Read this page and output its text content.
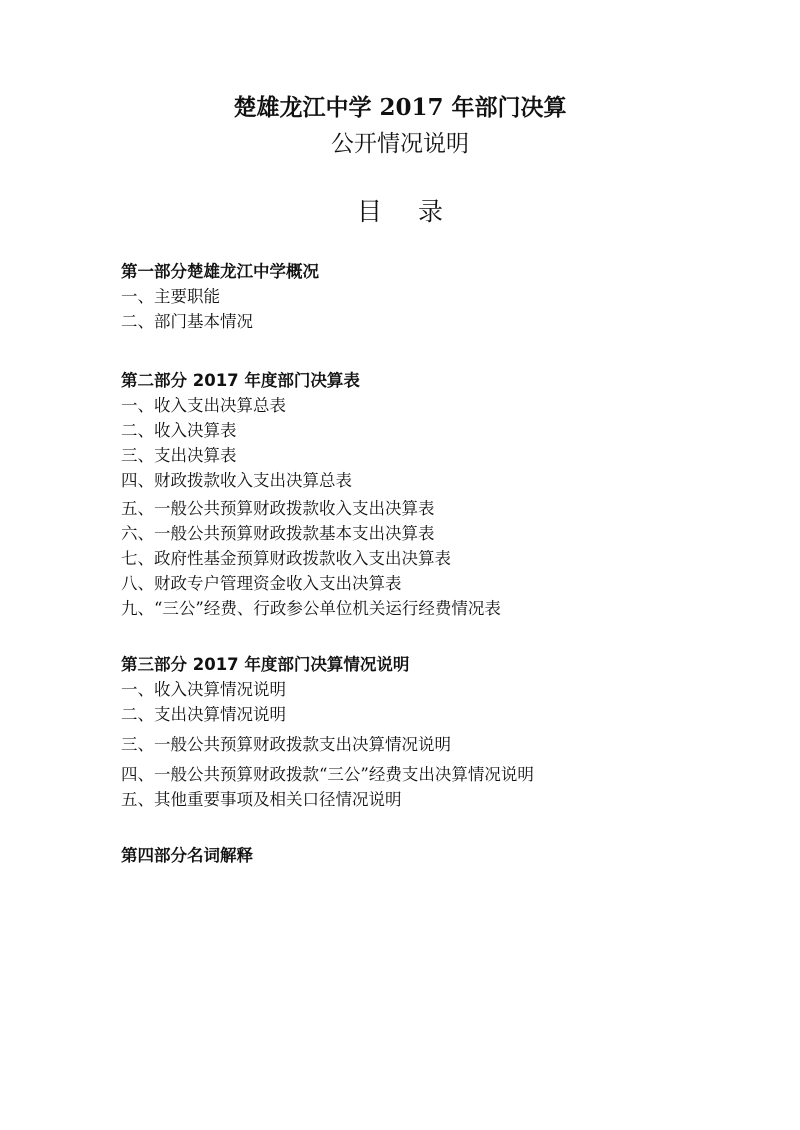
楚雄龙江中学 2017 年部门决算
公开情况说明
目 录
第一部分楚雄龙江中学概况
一、主要职能
二、部门基本情况
第二部分 2017 年度部门决算表
一、收入支出决算总表
二、收入决算表
三、支出决算表
四、财政拨款收入支出决算总表
五、一般公共预算财政拨款收入支出决算表
六、一般公共预算财政拨款基本支出决算表
七、政府性基金预算财政拨款收入支出决算表
八、财政专户管理资金收入支出决算表
九、“三公”经费、行政参公单位机关运行经费情况表
第三部分 2017 年度部门决算情况说明
一、收入决算情况说明
二、支出决算情况说明
三、一般公共预算财政拨款支出决算情况说明
四、一般公共预算财政拨款“三公”经费支出决算情况说明
五、其他重要事项及相关口径情况说明
第四部分名词解释
